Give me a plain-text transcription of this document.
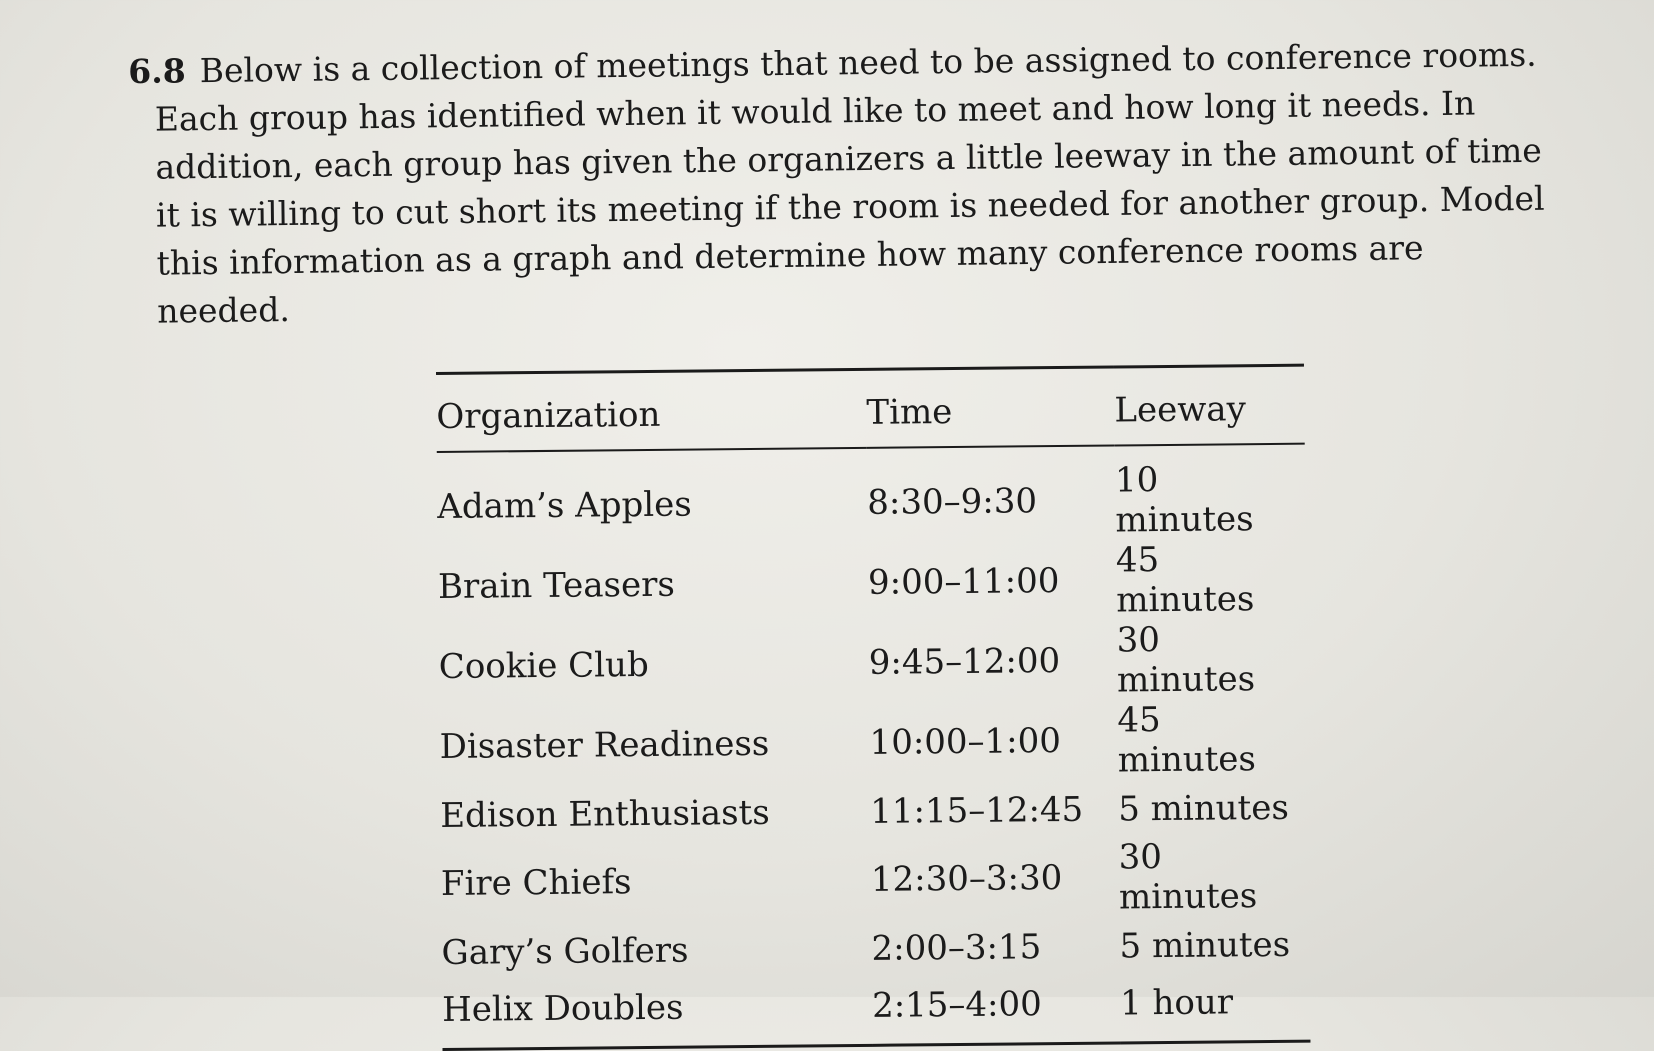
6.8 Below is a collection of meetings that need to be assigned to conference rooms. Each group has identified when it would like to meet and how long it needs. In addition, each group has given the organizers a little leeway in the amount of time it is willing to cut short its meeting if the room is needed for another group. Model this information as a graph and determine how many conference rooms are needed.

Organization	Time	Leeway
Adam’s Apples	8:30–9:30	10 minutes
Brain Teasers	9:00–11:00	45 minutes
Cookie Club	9:45–12:00	30 minutes
Disaster Readiness	10:00–1:00	45 minutes
Edison Enthusiasts	11:15–12:45	5 minutes
Fire Chiefs	12:30–3:30	30 minutes
Gary’s Golfers	2:00–3:15	5 minutes
Helix Doubles	2:15–4:00	1 hour
